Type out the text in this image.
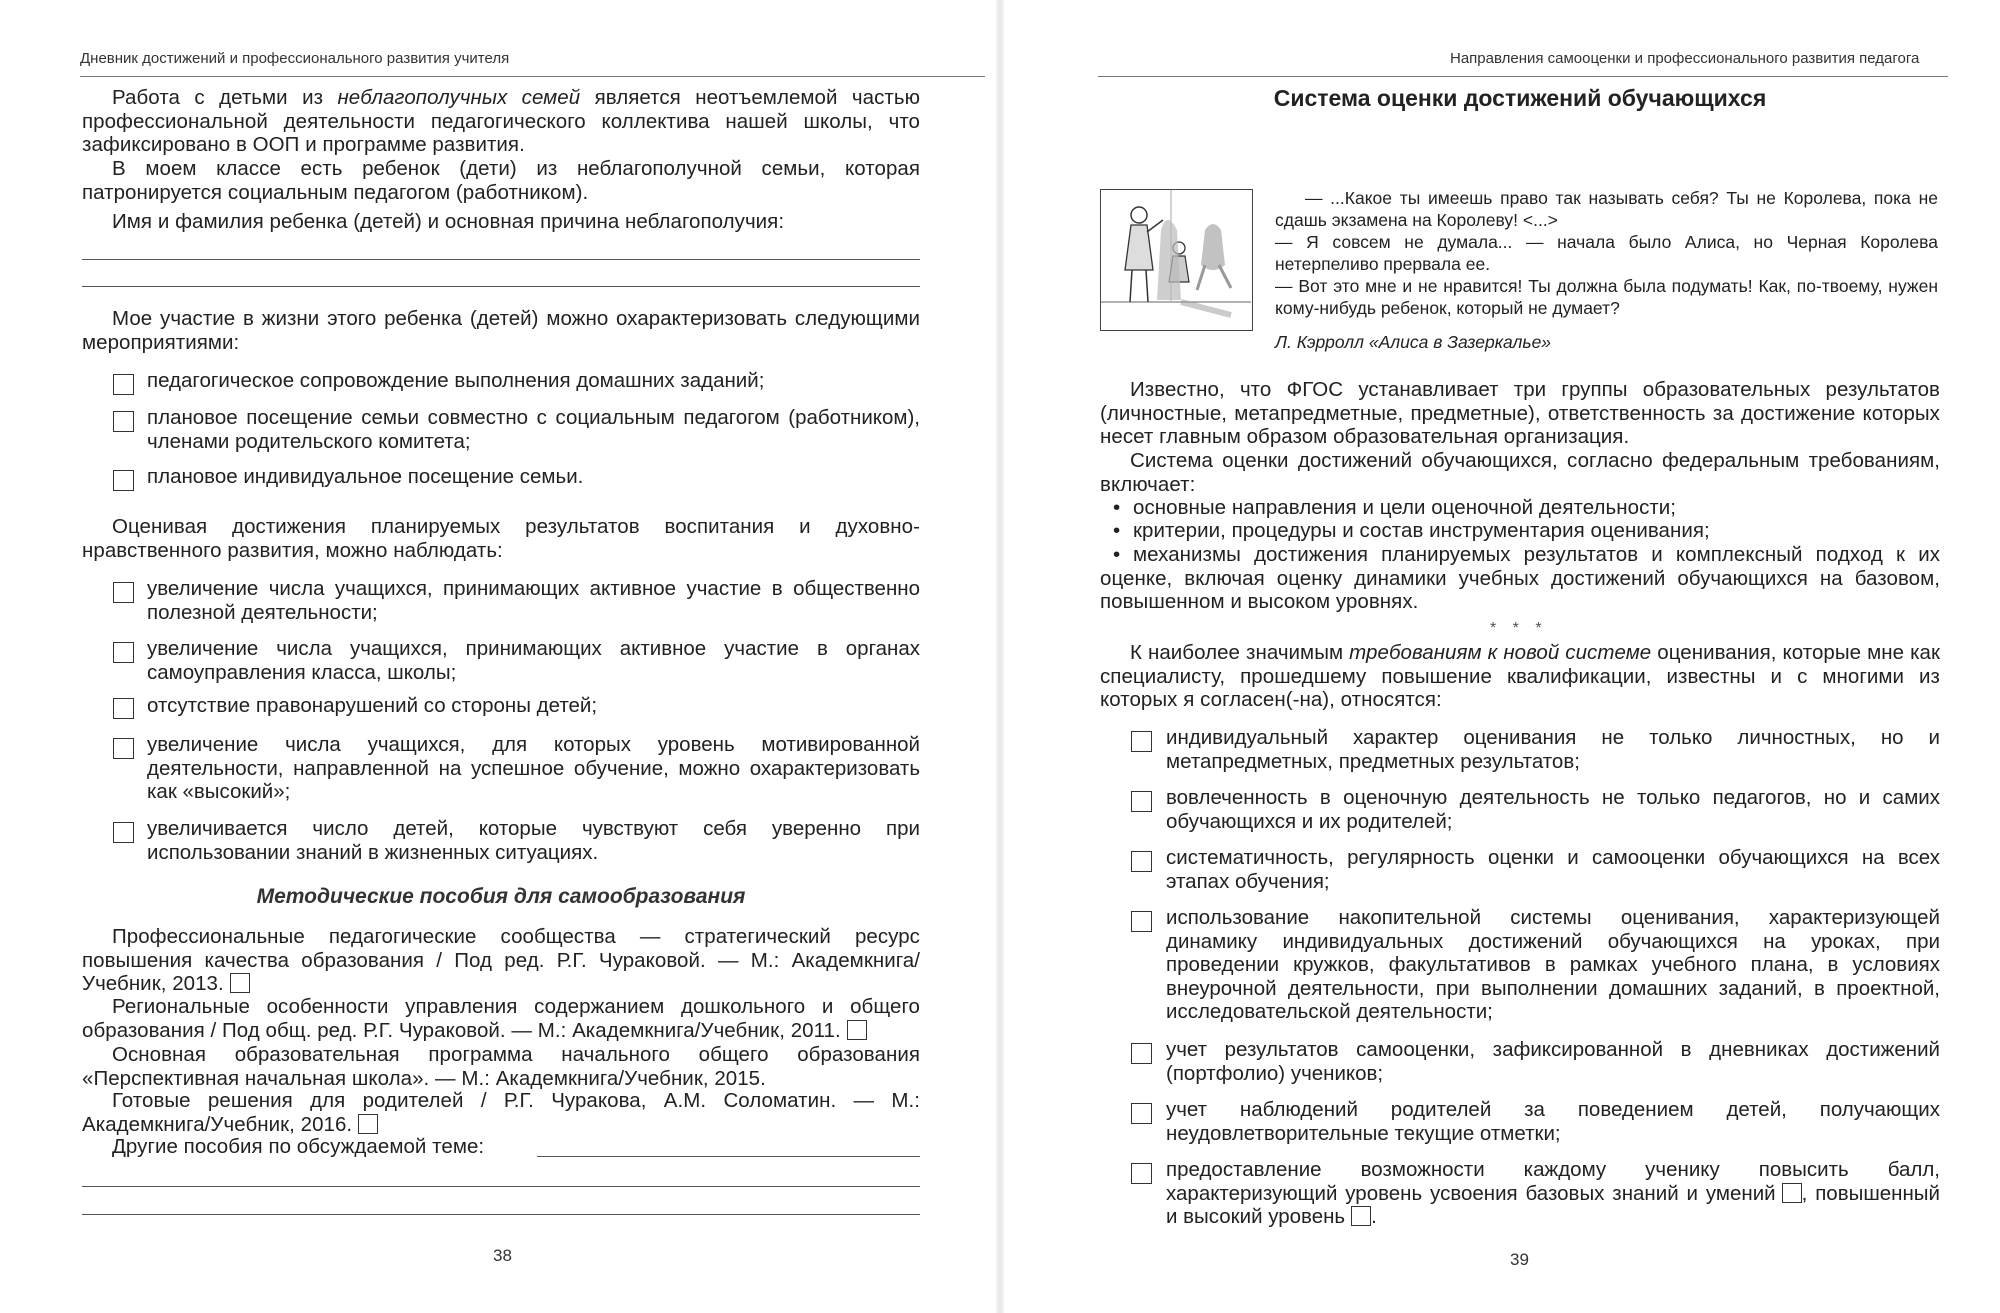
Дневник достижений и профессионального развития учителя
Работа с детьми из неблагополучных семей является неотъемлемой частью профессиональной деятельности педагогического коллектива нашей школы, что зафиксировано в ООП и программе развития.
В моем классе есть ребенок (дети) из неблагополучной семьи, которая патронируется социальным педагогом (работником).
Имя и фамилия ребенка (детей) и основная причина неблагополучия:
Мое участие в жизни этого ребенка (детей) можно охарактеризовать следующими мероприятиями:
педагогическое сопровождение выполнения домашних заданий;
плановое посещение семьи совместно с социальным педагогом (работником), членами родительского комитета;
плановое индивидуальное посещение семьи.
Оценивая достижения планируемых результатов воспитания и духовно-нравственного развития, можно наблюдать:
увеличение числа учащихся, принимающих активное участие в общественно полезной деятельности;
увеличение числа учащихся, принимающих активное участие в органах самоуправления класса, школы;
отсутствие правонарушений со стороны детей;
увеличение числа учащихся, для которых уровень мотивированной деятельности, направленной на успешное обучение, можно охарактеризовать как «высокий»;
увеличивается число детей, которые чувствуют себя уверенно при использовании знаний в жизненных ситуациях.
Методические пособия для самообразования
Профессиональные педагогические сообщества — стратегический ресурс повышения качества образования / Под ред. Р.Г. Чураковой. — М.: Академкнига/Учебник, 2013.
Региональные особенности управления содержанием дошкольного и общего образования / Под общ. ред. Р.Г. Чураковой. — М.: Академкнига/Учебник, 2011.
Основная образовательная программа начального общего образования «Перспективная начальная школа». — М.: Академкнига/Учебник, 2015.
Готовые решения для родителей / Р.Г. Чуракова, А.М. Соломатин. — М.: Академкнига/Учебник, 2016.
Другие пособия по обсуждаемой теме:
38
Направления самооценки и профессионального развития педагога
Система оценки достижений обучающихся
— ...Какое ты имеешь право так называть себя? Ты не Королева, пока не сдашь экзамена на Королеву! <...>
— Я совсем не думала... — начала было Алиса, но Черная Королева нетерпеливо прервала ее.
— Вот это мне и не нравится! Ты должна была подумать! Как, по-твоему, нужен кому-нибудь ребенок, который не думает?
Л. Кэрролл «Алиса в Зазеркалье»
Известно, что ФГОС устанавливает три группы образовательных результатов (личностные, метапредметные, предметные), ответственность за достижение которых несет главным образом образовательная организация.
Система оценки достижений обучающихся, согласно федеральным требованиям, включает:
• основные направления и цели оценочной деятельности;
• критерии, процедуры и состав инструментария оценивания;
• механизмы достижения планируемых результатов и комплексный подход к их оценке, включая оценку динамики учебных достижений обучающихся на базовом, повышенном и высоком уровнях.
* * *
К наиболее значимым требованиям к новой системе оценивания, которые мне как специалисту, прошедшему повышение квалификации, известны и с многими из которых я согласен(-на), относятся:
индивидуальный характер оценивания не только личностных, но и метапредметных, предметных результатов;
вовлеченность в оценочную деятельность не только педагогов, но и самих обучающихся и их родителей;
систематичность, регулярность оценки и самооценки обучающихся на всех этапах обучения;
использование накопительной системы оценивания, характеризующей динамику индивидуальных достижений обучающихся на уроках, при проведении кружков, факультативов в рамках учебного плана, в условиях внеурочной деятельности, при выполнении домашних заданий, в проектной, исследовательской деятельности;
учет результатов самооценки, зафиксированной в дневниках достижений (портфолио) учеников;
учет наблюдений родителей за поведением детей, получающих неудовлетворительные текущие отметки;
предоставление возможности каждому ученику повысить балл, характеризующий уровень усвоения базовых знаний и умений , повышенный и высокий уровень .
39
